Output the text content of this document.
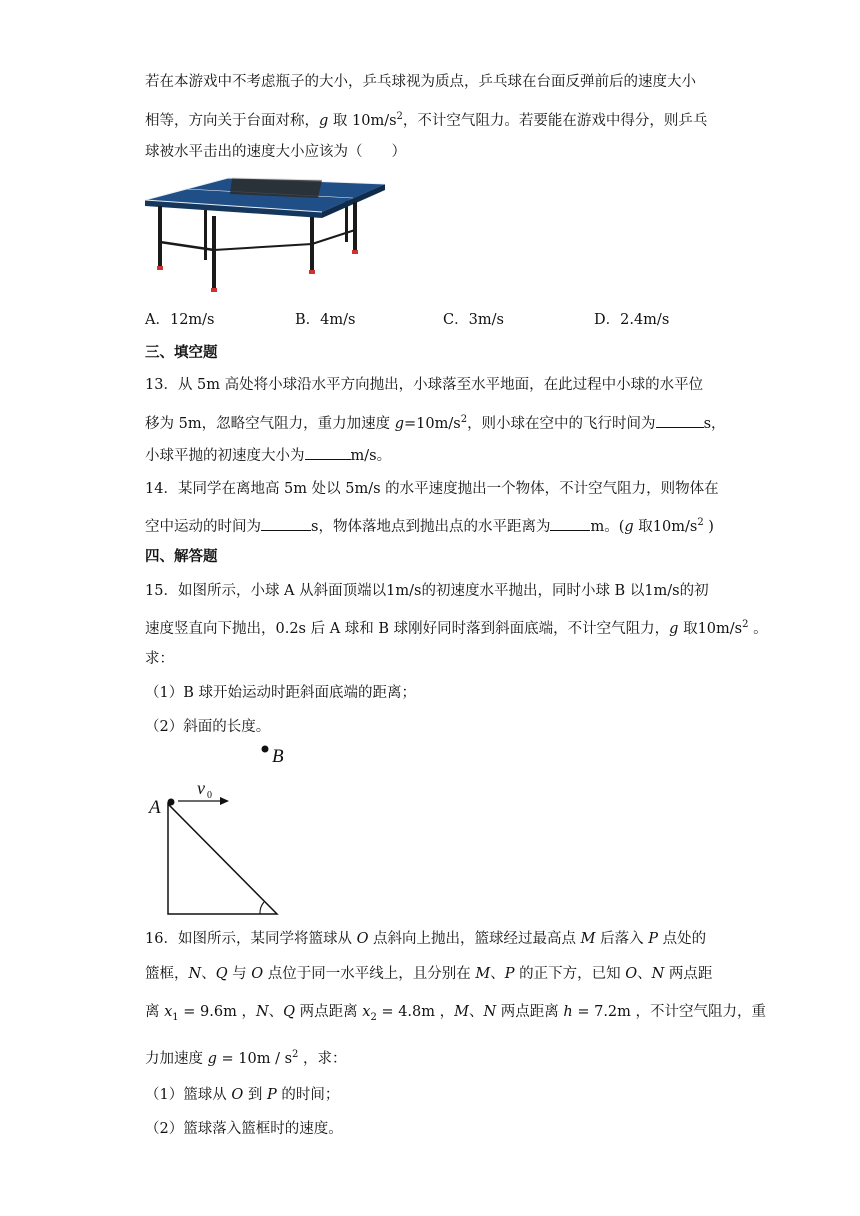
若在本游戏中不考虑瓶子的大小，乒乓球视为质点，乒乓球在台面反弹前后的速度大小
相等，方向关于台面对称，g 取 $10m/s^2$，不计空气阻力。若要能在游戏中得分，则乒乓
球被水平击出的速度大小应该为（　　）
A．12m/s	B．4m/s	C．3m/s	D．2.4m/s
三、填空题
13．从 5m 高处将小球沿水平方向抛出，小球落至水平地面，在此过程中小球的水平位
移为 5m，忽略空气阻力，重力加速度 $g=10m/s^2$，则小球在空中的飞行时间为	s，
小球平抛的初速度大小为	m/s。
14．某同学在离地高 5m 处以 5m/s 的水平速度抛出一个物体，不计空气阻力，则物体在
空中运动的时间为	s，物体落地点到抛出点的水平距离为	m。(g 取$10m/s^2$ )
四、解答题
15．如图所示，小球 A 从斜面顶端以1m/s的初速度水平抛出，同时小球 B 以1m/s的初
速度竖直向下抛出，0.2s 后 A 球和 B 球刚好同时落到斜面底端，不计空气阻力，g 取$10m/s^2$ 。
求：
（1）B 球开始运动时距斜面底端的距离；
（2）斜面的长度。
B
A
v 0
16．如图所示，某同学将篮球从 O 点斜向上抛出，篮球经过最高点 M 后落入 P 点处的
篮框，N、Q 与 O 点位于同一水平线上，且分别在 M、P 的正下方，已知 O、N 两点距
离 $x_1 = 9.6m$ ，N、Q 两点距离 $x_2 = 4.8m$ ，M、N 两点距离 h = 7.2m ，不计空气阻力，重
力加速度 $g = 10m / s^2$ ，求：
（1）篮球从 O 到 P 的时间；
（2）篮球落入篮框时的速度。
